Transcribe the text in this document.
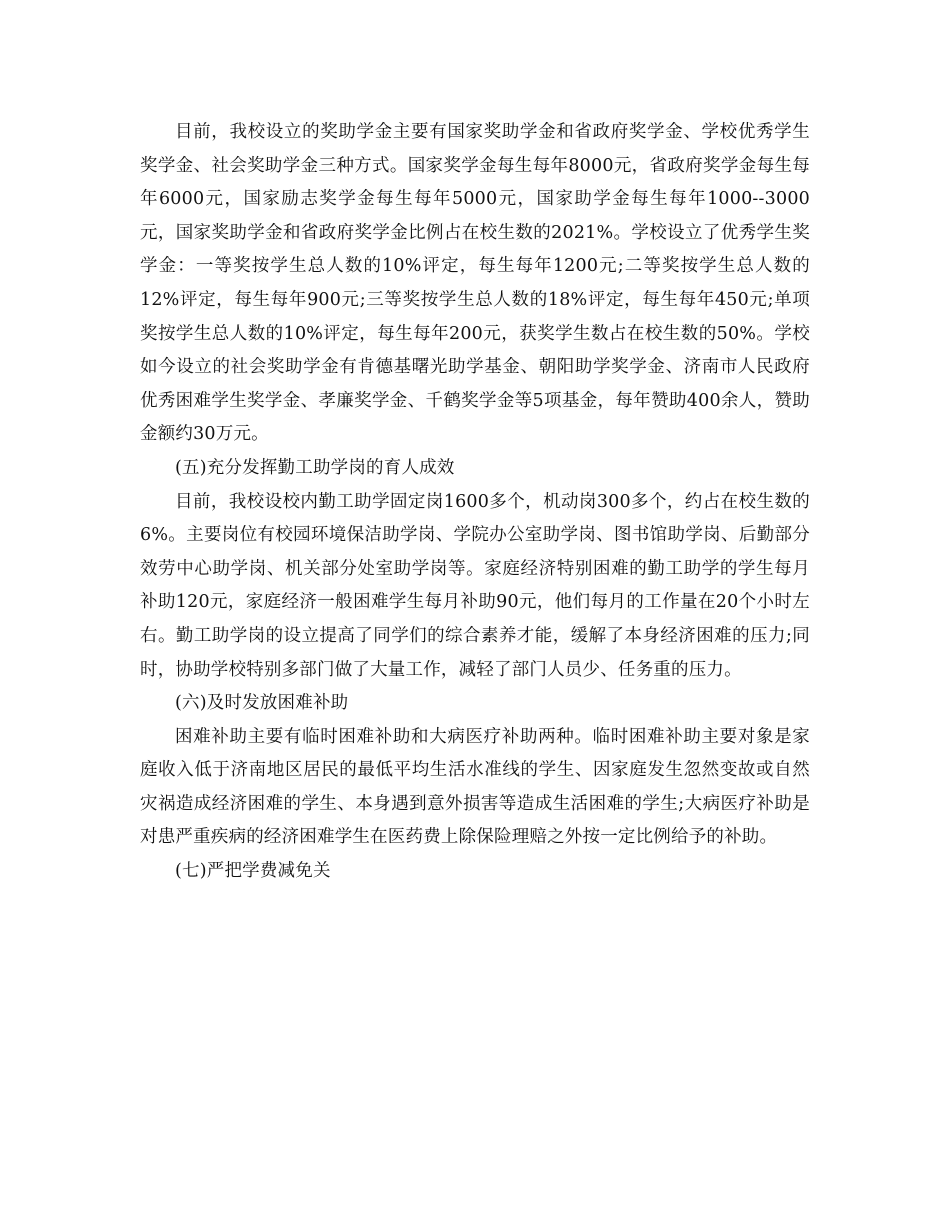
目前，我校设立的奖助学金主要有国家奖助学金和省政府奖学金、学校优秀学生奖学金、社会奖助学金三种方式。国家奖学金每生每年8000元，省政府奖学金每生每年6000元，国家励志奖学金每生每年5000元，国家助学金每生每年1000--3000元，国家奖助学金和省政府奖学金比例占在校生数的2021%。学校设立了优秀学生奖学金：一等奖按学生总人数的10%评定，每生每年1200元;二等奖按学生总人数的12%评定，每生每年900元;三等奖按学生总人数的18%评定，每生每年450元;单项奖按学生总人数的10%评定，每生每年200元，获奖学生数占在校生数的50%。学校如今设立的社会奖助学金有肯德基曙光助学基金、朝阳助学奖学金、济南市人民政府优秀困难学生奖学金、孝廉奖学金、千鹤奖学金等5项基金，每年赞助400余人，赞助金额约30万元。

(五)充分发挥勤工助学岗的育人成效

目前，我校设校内勤工助学固定岗1600多个，机动岗300多个，约占在校生数的6%。主要岗位有校园环境保洁助学岗、学院办公室助学岗、图书馆助学岗、后勤部分效劳中心助学岗、机关部分处室助学岗等。家庭经济特别困难的勤工助学的学生每月补助120元，家庭经济一般困难学生每月补助90元，他们每月的工作量在20个小时左右。勤工助学岗的设立提高了同学们的综合素养才能，缓解了本身经济困难的压力;同时，协助学校特别多部门做了大量工作，减轻了部门人员少、任务重的压力。

(六)及时发放困难补助

困难补助主要有临时困难补助和大病医疗补助两种。临时困难补助主要对象是家庭收入低于济南地区居民的最低平均生活水准线的学生、因家庭发生忽然变故或自然灾祸造成经济困难的学生、本身遇到意外损害等造成生活困难的学生;大病医疗补助是对患严重疾病的经济困难学生在医药费上除保险理赔之外按一定比例给予的补助。

(七)严把学费减免关
